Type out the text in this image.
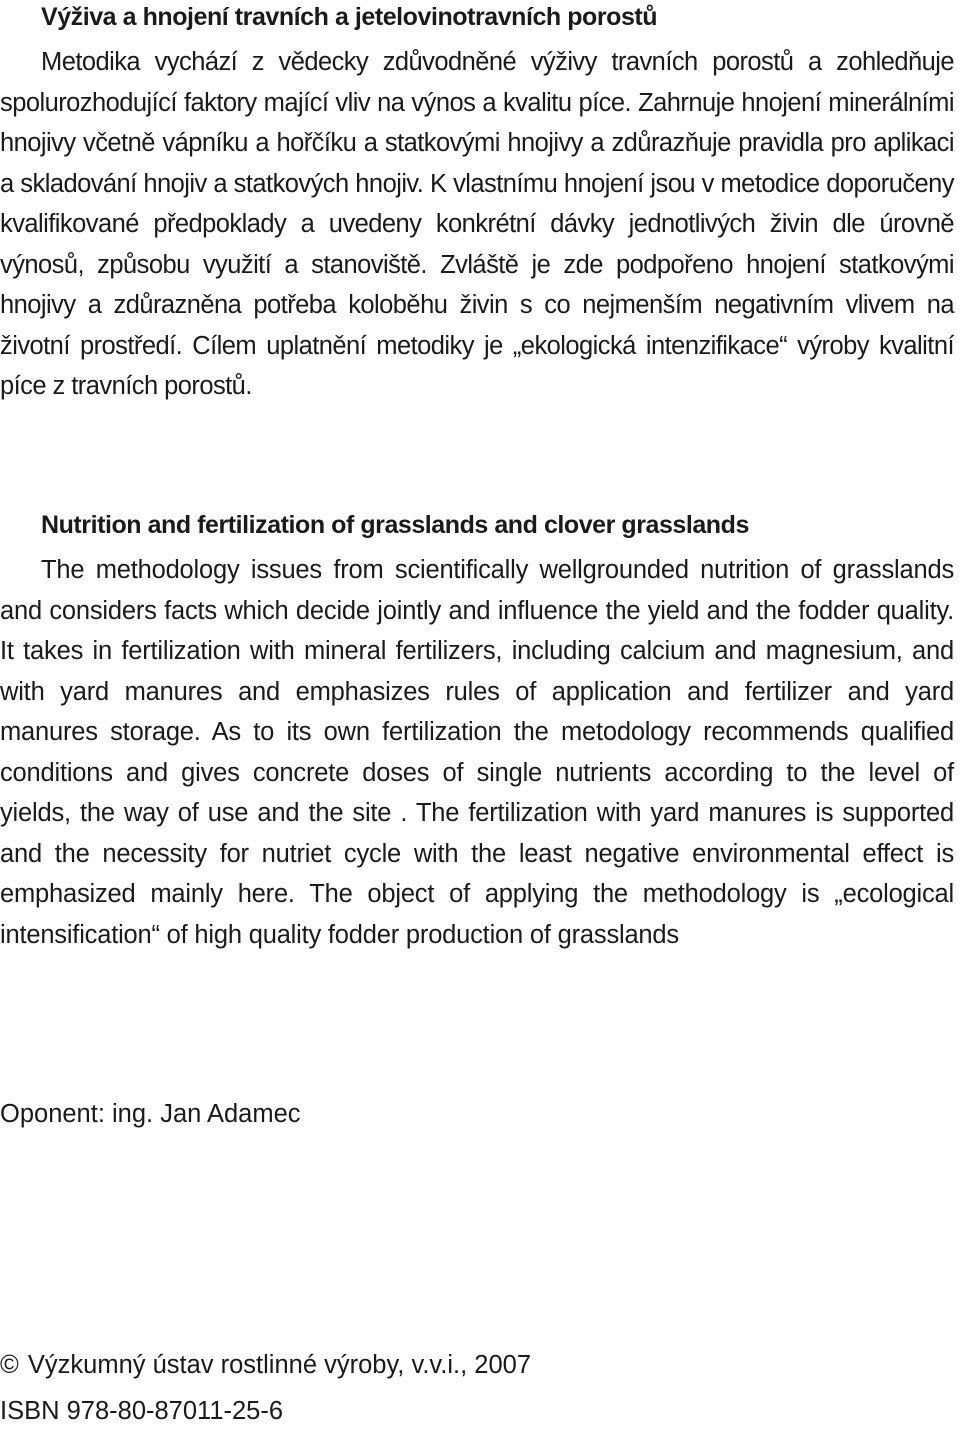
Výživa a hnojení travních a jetelovinotravních porostů

Metodika vychází z vědecky zdůvodněné výživy travních porostů a zohledňuje spolurozhodující faktory mající vliv na výnos a kvalitu píce. Zahrnuje hnojení minerálními hnojivy včetně vápníku a hořčíku a statkovými hnojivy a zdůrazňuje pravidla pro aplikaci a skladování hnojiv a statkových hnojiv. K vlastnímu hnojení jsou v metodice doporučeny kvalifikované předpoklady a uvedeny konkrétní dávky jednotlivých živin dle úrovně výnosů, způsobu využití a stanoviště. Zvláště je zde podpořeno hnojení statkovými hnojivy a zdůrazněna potřeba koloběhu živin s co nejmenším negativním vlivem na životní prostředí. Cílem uplatnění metodiky je „ekologická intenzifikace“ výroby kvalitní píce z travních porostů.

Nutrition and fertilization of grasslands and clover grasslands

The methodology issues from scientifically wellgrounded nutrition of grasslands and considers facts which decide jointly and influence the yield and the fodder quality. It takes in fertilization with mineral fertilizers, including calcium and magnesium, and with yard manures and emphasizes rules of application and fertilizer and yard manures storage. As to its own fertilization the metodology recommends qualified conditions and gives concrete doses of single nutrients according to the level of yields, the way of use and the site . The fertilization with yard manures is supported and the necessity for nutriet cycle with the least negative environmental effect is emphasized mainly here. The object of applying the methodology is „ecological intensification“ of high quality fodder production of grasslands

Oponent: ing. Jan Adamec
© Výzkumný ústav rostlinné výroby, v.v.i., 2007
ISBN 978-80-87011-25-6
